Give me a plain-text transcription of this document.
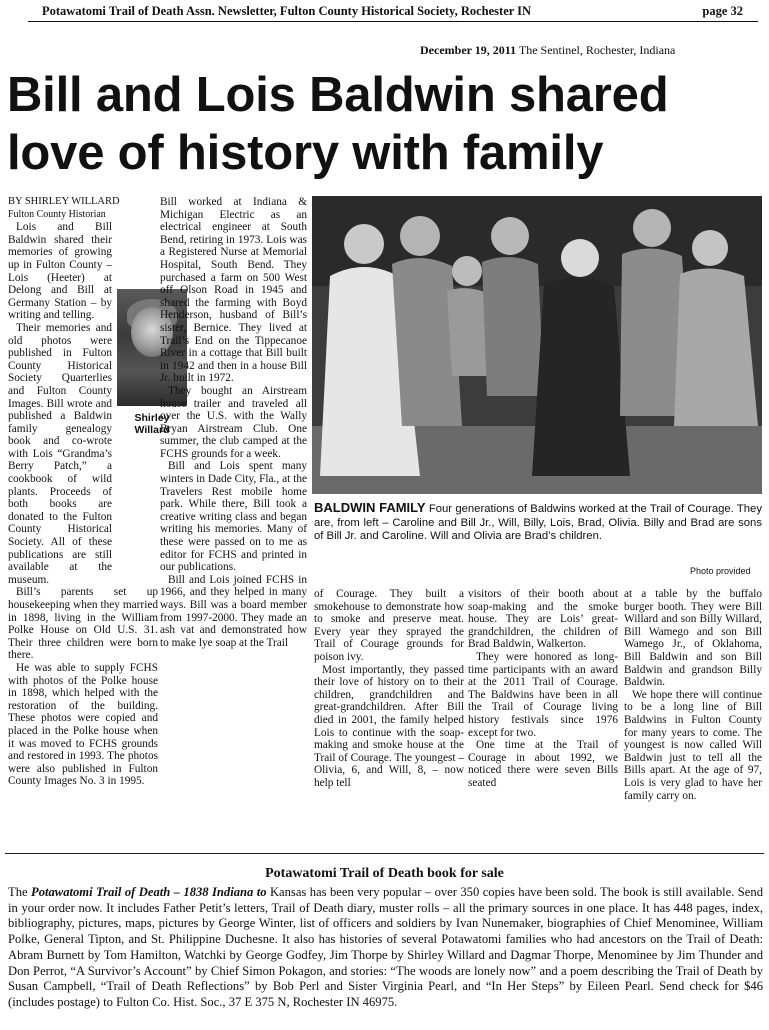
Potawatomi Trail of Death Assn. Newsletter, Fulton County Historical Society, Rochester IN	page 32
December 19, 2011 The Sentinel, Rochester, Indiana
Bill and Lois Baldwin shared
love of history with family

BY SHIRLEY WILLARD

Fulton County Historian

Lois and Bill Baldwin shared their memories of growing up in Fulton County – Lois (Heeter) at Delong and Bill at Germany Station – by writing and telling.

Their memories and old photos were published in Fulton County Historical Society Quarterlies and Fulton County Images. Bill wrote and published a Baldwin family genealogy book and co-wrote with Lois “Grandma’s Berry Patch,” a cookbook of wild plants. Proceeds of both books are donated to the Fulton County Historical Society. All of these publications are still available at the museum.

Bill’s parents set up housekeeping when they married in 1898, living in the William Polke House on Old U.S. 31. Their three children were born there.

He was able to supply FCHS with photos of the Polke house in 1898, which helped with the restoration of the building. These photos were copied and placed in the Polke house when it was moved to FCHS grounds and restored in 1993. The photos were also published in Fulton County Images No. 3 in 1995.

Shirley Willard

Bill worked at Indiana & Michigan Electric as an electrical engineer at South Bend, retiring in 1973. Lois was a Registered Nurse at Memorial Hospital, South Bend. They purchased a farm on 500 West off Olson Road in 1945 and shared the farming with Boyd Henderson, husband of Bill’s sister, Bernice. They lived at Trail’s End on the Tippecanoe River in a cottage that Bill built in 1942 and then in a house Bill Jr. built in 1972.

They bought an Airstream house trailer and traveled all over the U.S. with the Wally Bryan Airstream Club. One summer, the club camped at the FCHS grounds for a week.

Bill and Lois spent many winters in Dade City, Fla., at the Travelers Rest mobile home park. While there, Bill took a creative writing class and began writing his memories. Many of these were passed on to me as editor for FCHS and printed in our publications.

Bill and Lois joined FCHS in 1966, and they helped in many ways. Bill was a board member from 1997-2000. They made an ash vat and demonstrated how to make lye soap at the Trail

BALDWIN FAMILY Four generations of Baldwins worked at the Trail of Courage. They are, from left – Caroline and Bill Jr., Will, Billy, Lois, Brad, Olivia. Billy and Brad are sons of Bill Jr. and Caroline. Will and Olivia are Brad’s children.
Photo provided

of Courage. They built a smokehouse to demonstrate how to smoke and preserve meat. Every year they sprayed the Trail of Courage grounds for poison ivy.

Most importantly, they passed their love of history on to their children, grandchildren and great-grandchildren. After Bill died in 2001, the family helped Lois to continue with the soap-making and smoke house at the Trail of Courage. The youngest – Olivia, 6, and Will, 8, – now help tell

visitors of their booth about soap-making and the smoke house. They are Lois’ great-grandchildren, the children of Brad Baldwin, Walkerton.

They were honored as long-time participants with an award at the 2011 Trail of Courage. The Baldwins have been in all the Trail of Courage living history festivals since 1976 except for two.

One time at the Trail of Courage in about 1992, we noticed there were seven Bills seated

at a table by the buffalo burger booth. They were Bill Willard and son Billy Willard, Bill Wamego and son Bill Wamego Jr., of Oklahoma, Bill Baldwin and son Bill Baldwin and grandson Billy Baldwin.

We hope there will continue to be a long line of Bill Baldwins in Fulton County for many years to come. The youngest is now called Will Baldwin just to tell all the Bills apart. At the age of 97, Lois is very glad to have her family carry on.

Potawatomi Trail of Death book for sale
The Potawatomi Trail of Death – 1838 Indiana to Kansas has been very popular – over 350 copies have been sold. The book is still available. Send in your order now. It includes Father Petit’s letters, Trail of Death diary, muster rolls – all the primary sources in one place. It has 448 pages, index, bibliography, pictures, maps, pictures by George Winter, list of officers and soldiers by Ivan Nunemaker, biographies of Chief Menominee, William Polke, General Tipton, and St. Philippine Duchesne. It also has histories of several Potawatomi families who had ancestors on the Trail of Death: Abram Burnett by Tom Hamilton, Watchki by George Godfey, Jim Thorpe by Shirley Willard and Dagmar Thorpe, Menominee by Jim Thunder and Don Perrot, “A Survivor’s Account” by Chief Simon Pokagon, and stories: “The woods are lonely now” and a poem describing the Trail of Death by Susan Campbell, “Trail of Death Reflections” by Bob Perl and Sister Virginia Pearl, and “In Her Steps” by Eileen Pearl. Send check for $46 (includes postage) to Fulton Co. Hist. Soc., 37 E 375 N, Rochester IN 46975.
